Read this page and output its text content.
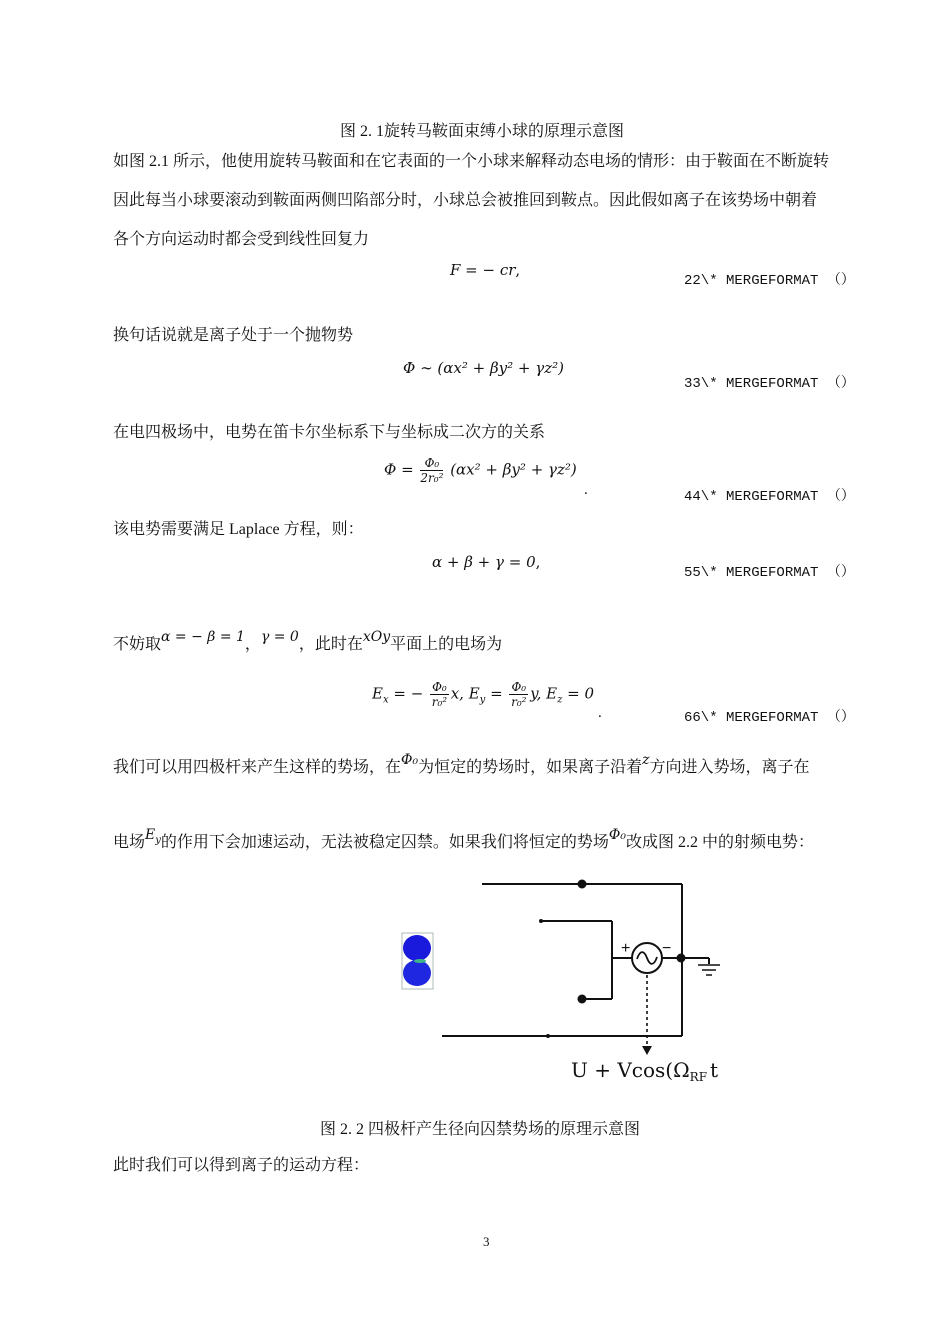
图 2. 1旋转马鞍面束缚小球的原理示意图
如图 2.1 所示，他使用旋转马鞍面和在它表面的一个小球来解释动态电场的情形：由于鞍面在不断旋转
因此每当小球要滚动到鞍面两侧凹陷部分时，小球总会被推回到鞍点。因此假如离子在该势场中朝着
各个方向运动时都会受到线性回复力
F = − cr,
22\* MERGEFORMAT （）
换句话说就是离子处于一个抛物势
Φ ∼ (αx² + βy² + γz²)
33\* MERGEFORMAT （）
在电四极场中，电势在笛卡尔坐标系下与坐标成二次方的关系
$\Phi = \frac{\text{Φ₀}}{\text{2r₀²}} (\alpha x^2 + \beta y^2 + \gamma z^2)$
.	44\* MERGEFORMAT （）
该电势需要满足 Laplace 方程，则：
α + β + γ = 0,
55\* MERGEFORMAT （）
不妨取α = − β = 1，γ = 0，此时在xOy平面上的电场为
$E_x$ = − $\frac{\text{Φ₀}}{\text{r₀²}} x$, $E_y = \frac{\text{Φ₀}}{\text{r₀²}} y$, $E_z = 0$
.	66\* MERGEFORMAT （）
我们可以用四极杆来产生这样的势场，在Φ₀为恒定的势场时，如果离子沿着z方向进入势场，离子在
电场$E_y$的作用下会加速运动，无法被稳定囚禁。如果我们将恒定的势场Φ₀改成图 2.2 中的射频电势：
+ −
$U + Vcos(\Omega_{RF}$ t
图 2. 2 四极杆产生径向囚禁势场的原理示意图
此时我们可以得到离子的运动方程：
3
